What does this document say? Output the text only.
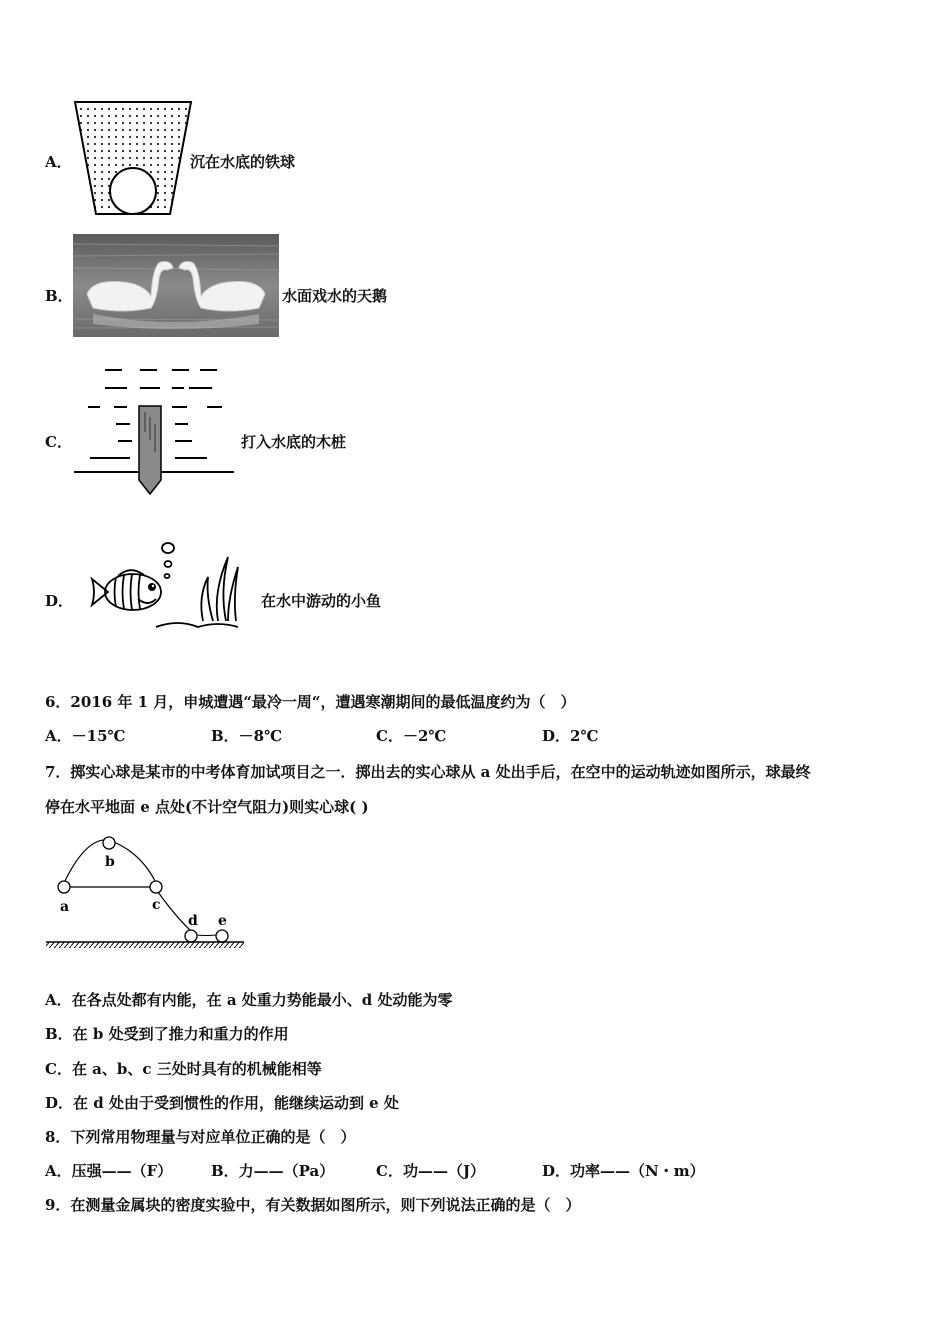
A．	沉在水底的铁球
B．	水面戏水的天鹅
C．	打入水底的木桩
D．	在水中游动的小鱼
6．2016 年 1 月，申城遭遇“最冷一周“，遭遇寒潮期间的最低温度约为（　）
A．－15℃	B．－8℃	C．－2℃	D．2℃
7．掷实心球是某市的中考体育加试项目之一．掷出去的实心球从 a 处出手后，在空中的运动轨迹如图所示，球最终
停在水平地面 e 点处(不计空气阻力)则实心球( )
a
b
c
d e
A．在各点处都有内能，在 a 处重力势能最小、d 处动能为零
B．在 b 处受到了推力和重力的作用
C．在 a、b、c 三处时具有的机械能相等
D．在 d 处由于受到惯性的作用，能继续运动到 e 处
8．下列常用物理量与对应单位正确的是（　）
A．压强——（F）	B．力——（Pa）	C．功——（J）	D．功率——（N・m）
9．在测量金属块的密度实验中，有关数据如图所示，则下列说法正确的是（　）
